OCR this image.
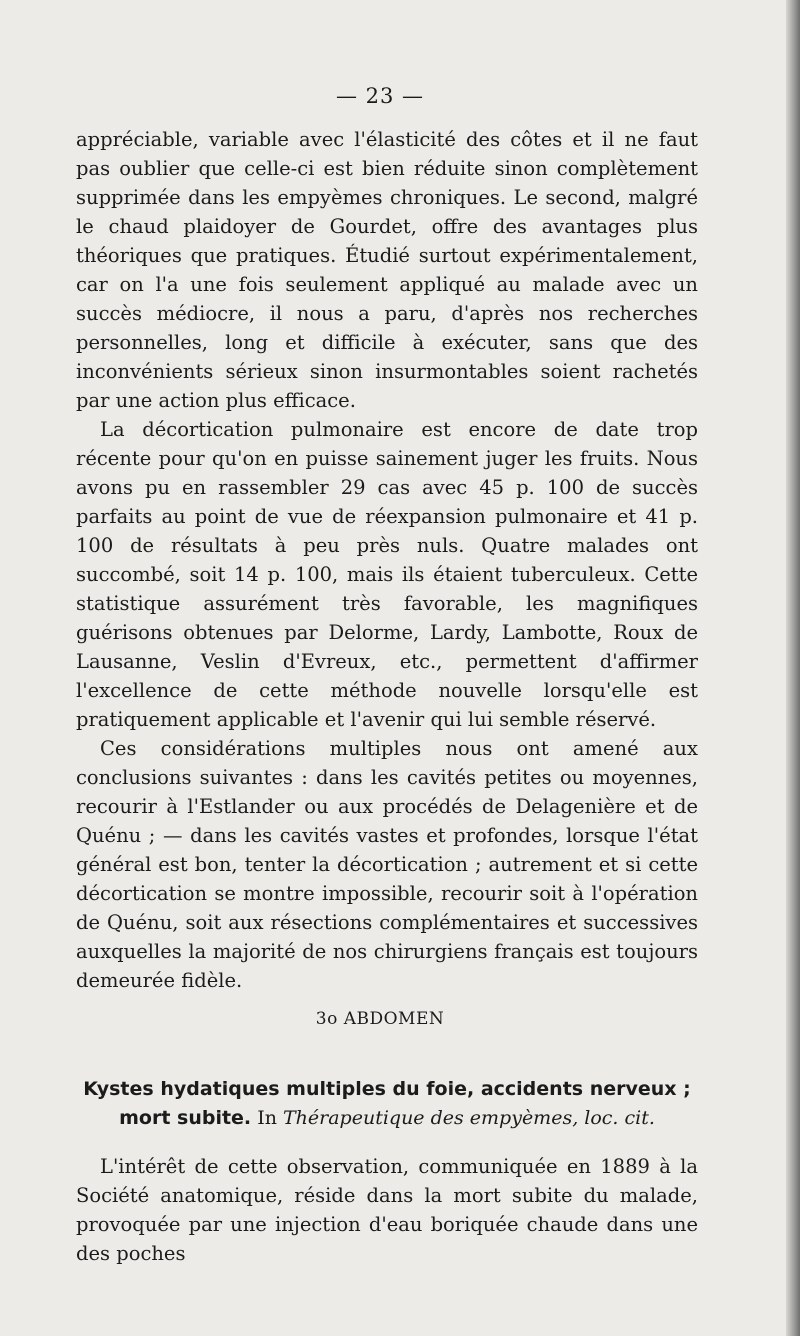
— 23 —

appréciable, variable avec l'élasticité des côtes et il ne faut pas oublier que celle-ci est bien réduite sinon complètement supprimée dans les empyèmes chroniques. Le second, malgré le chaud plaidoyer de Gourdet, offre des avantages plus théoriques que pratiques. Étudié surtout expérimentalement, car on l'a une fois seulement appliqué au malade avec un succès médiocre, il nous a paru, d'après nos recherches personnelles, long et difficile à exécuter, sans que des inconvénients sérieux sinon insurmontables soient rachetés par une action plus efficace.

La décortication pulmonaire est encore de date trop récente pour qu'on en puisse sainement juger les fruits. Nous avons pu en rassembler 29 cas avec 45 p. 100 de succès parfaits au point de vue de réexpansion pulmonaire et 41 p. 100 de résultats à peu près nuls. Quatre malades ont succombé, soit 14 p. 100, mais ils étaient tuberculeux. Cette statistique assurément très favorable, les magnifiques guérisons obtenues par Delorme, Lardy, Lambotte, Roux de Lausanne, Veslin d'Evreux, etc., permettent d'affirmer l'excellence de cette méthode nouvelle lorsqu'elle est pratiquement applicable et l'avenir qui lui semble réservé.

Ces considérations multiples nous ont amené aux conclusions suivantes : dans les cavités petites ou moyennes, recourir à l'Estlander ou aux procédés de Delagenière et de Quénu ; — dans les cavités vastes et profondes, lorsque l'état général est bon, tenter la décortication ; autrement et si cette décortication se montre impossible, recourir soit à l'opération de Quénu, soit aux résections complémentaires et successives auxquelles la majorité de nos chirurgiens français est toujours demeurée fidèle.

3o ABDOMEN
Kystes hydatiques multiples du foie, accidents nerveux ;
mort subite. In Thérapeutique des empyèmes, loc. cit.

L'intérêt de cette observation, communiquée en 1889 à la Société anatomique, réside dans la mort subite du malade, provoquée par une injection d'eau boriquée chaude dans une des poches
